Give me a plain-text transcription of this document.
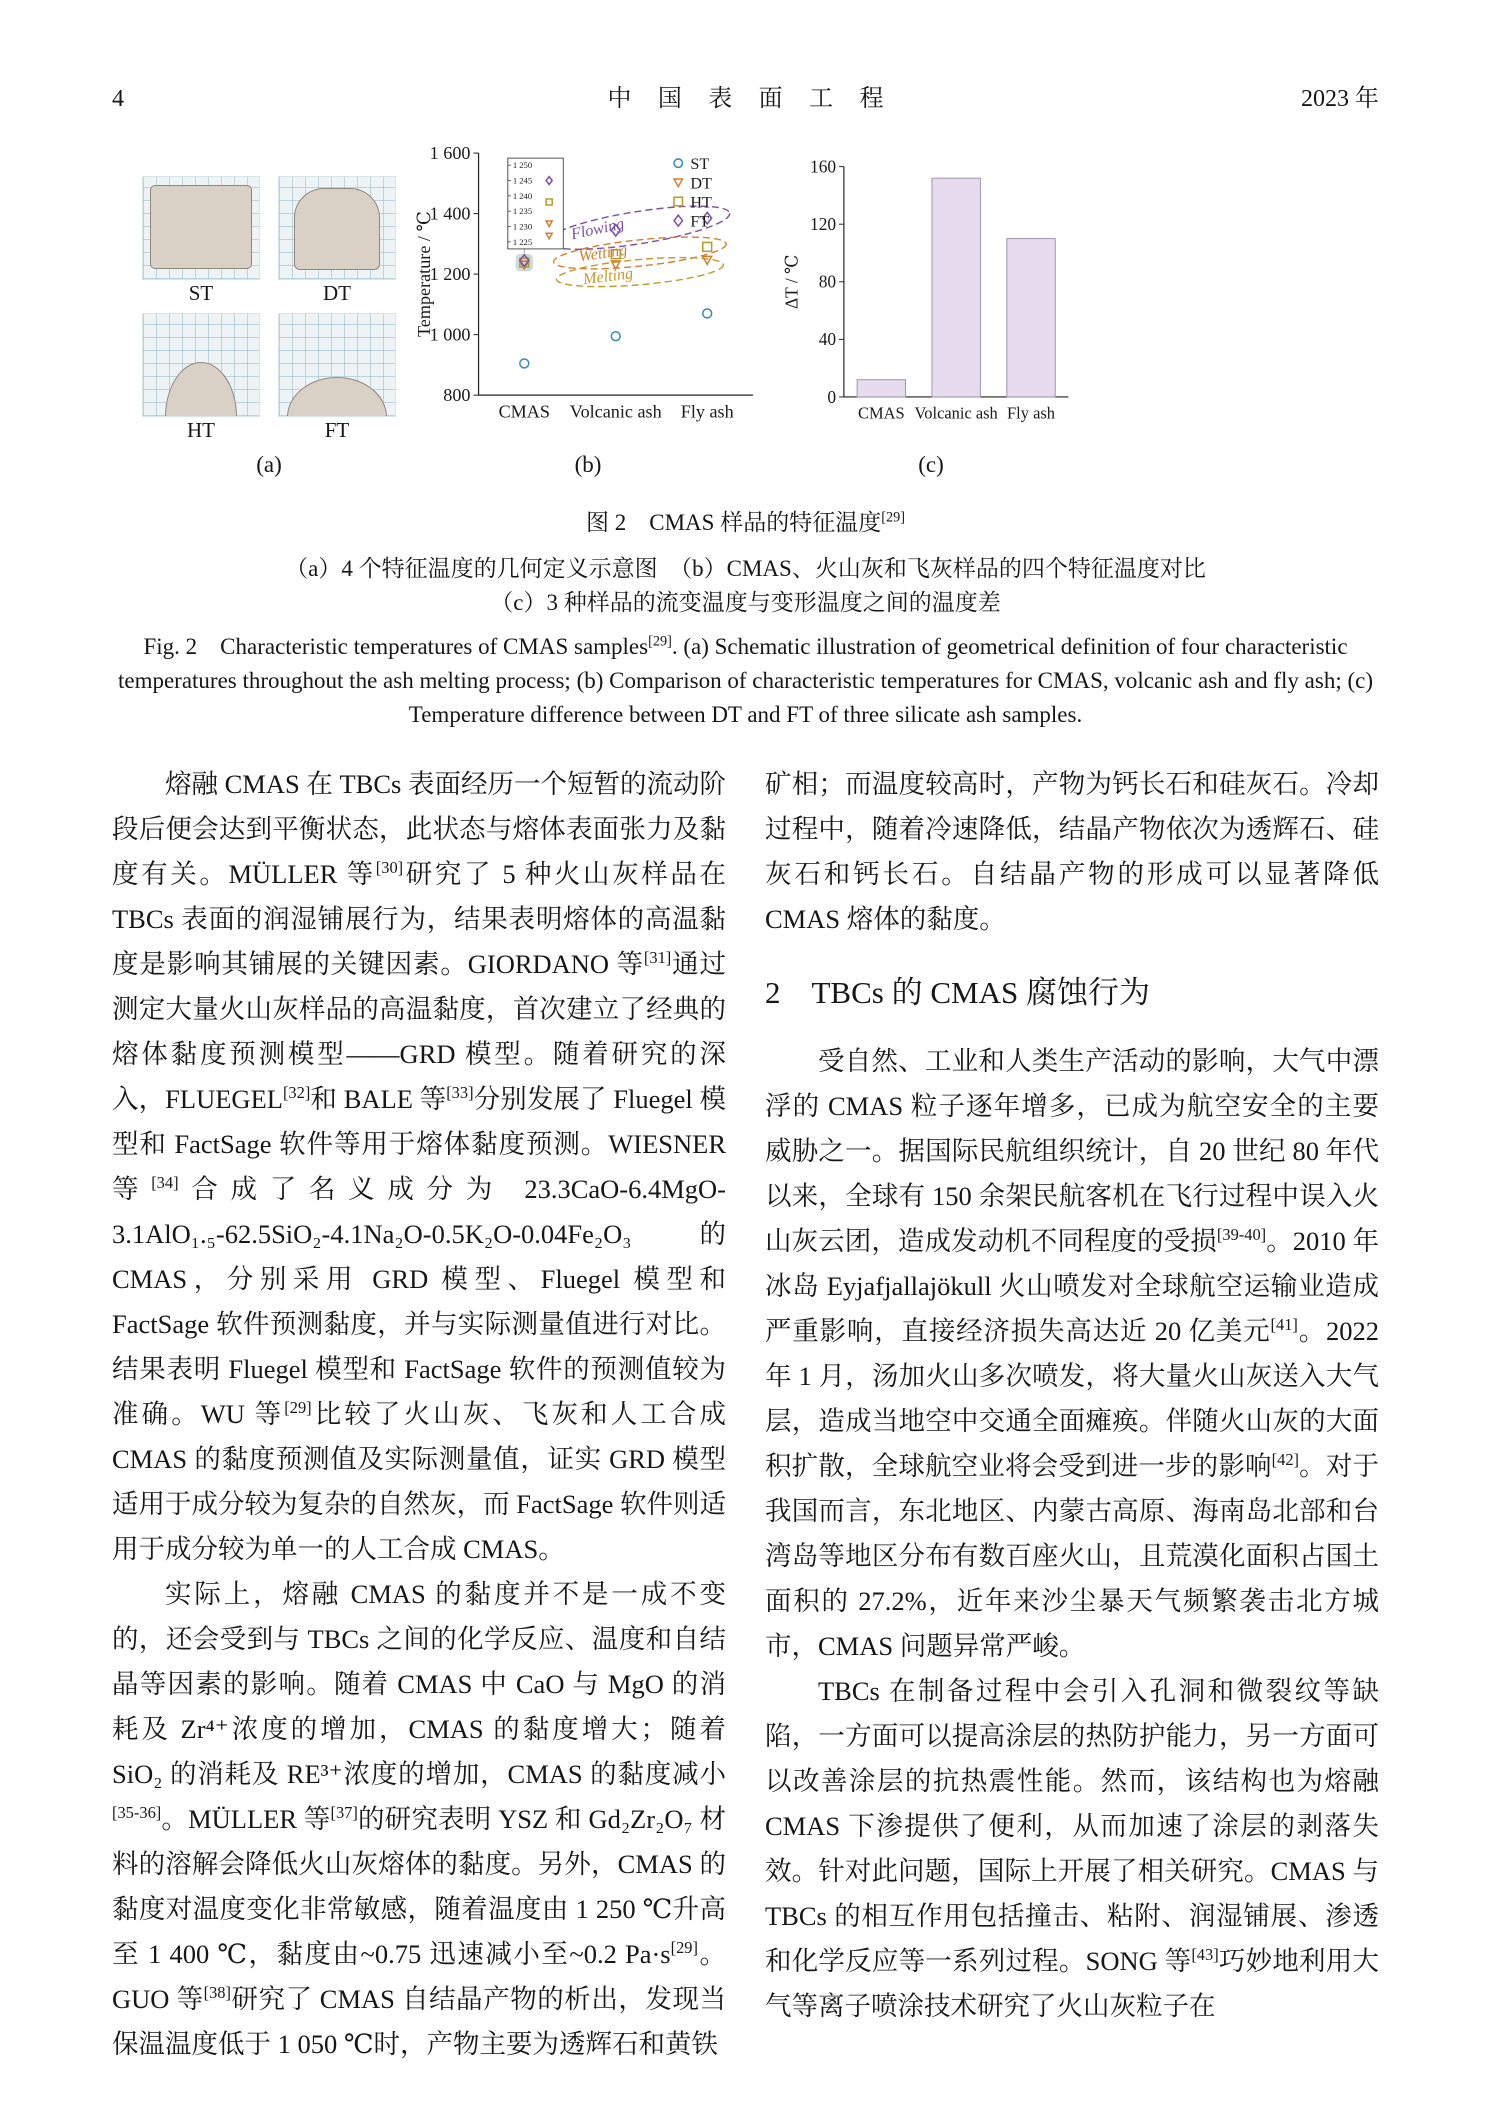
4	中国表面工程	2023 年
ST	DT
HT	FT
(a)
800
1 000
1 200
1 400
1 600
CMAS Volcanic ash Fly ash
Temperature / ℃	Flowing
Wetting
Melting
ST
DT
HT
FT
1 250
1 245
1 240
1 235
1 230
1 225
(b)
0
40
80
120
160
ΔT / ℃
CMAS Volcanic ash Fly ash
(c)
图 2　CMAS 样品的特征温度[29]
（a）4 个特征温度的几何定义示意图　（b）CMAS、火山灰和飞灰样品的四个特征温度对比
（c）3 种样品的流变温度与变形温度之间的温度差
Fig. 2　Characteristic temperatures of CMAS samples[29]. (a) Schematic illustration of geometrical definition of four characteristic temperatures throughout the ash melting process; (b) Comparison of characteristic temperatures for CMAS, volcanic ash and fly ash; (c) Temperature difference between DT and FT of three silicate ash samples.

熔融 CMAS 在 TBCs 表面经历一个短暂的流动阶段后便会达到平衡状态，此状态与熔体表面张力及黏度有关。MÜLLER 等[30]研究了 5 种火山灰样品在 TBCs 表面的润湿铺展行为，结果表明熔体的高温黏度是影响其铺展的关键因素。GIORDANO 等[31]通过测定大量火山灰样品的高温黏度，首次建立了经典的熔体黏度预测模型——GRD 模型。随着研究的深入，FLUEGEL[32]和 BALE 等[33]分别发展了 Fluegel 模型和 FactSage 软件等用于熔体黏度预测。WIESNER 等[34]合成了名义成分为 23.3CaO-6.4MgO-3.1AlO₁.₅-62.5SiO₂-4.1Na₂O-0.5K₂O-0.04Fe₂O₃ 的 CMAS，分别采用 GRD 模型、Fluegel 模型和 FactSage 软件预测黏度，并与实际测量值进行对比。结果表明 Fluegel 模型和 FactSage 软件的预测值较为准确。WU 等[29]比较了火山灰、飞灰和人工合成 CMAS 的黏度预测值及实际测量值，证实 GRD 模型适用于成分较为复杂的自然灰，而 FactSage 软件则适用于成分较为单一的人工合成 CMAS。

实际上，熔融 CMAS 的黏度并不是一成不变的，还会受到与 TBCs 之间的化学反应、温度和自结晶等因素的影响。随着 CMAS 中 CaO 与 MgO 的消耗及 Zr⁴⁺浓度的增加，CMAS 的黏度增大；随着 SiO₂ 的消耗及 RE³⁺浓度的增加，CMAS 的黏度减小[35-36]。MÜLLER 等[37]的研究表明 YSZ 和 Gd₂Zr₂O₇ 材料的溶解会降低火山灰熔体的黏度。另外，CMAS 的黏度对温度变化非常敏感，随着温度由 1 250 ℃升高至 1 400 ℃，黏度由~0.75 迅速减小至~0.2 Pa·s[29]。GUO 等[38]研究了 CMAS 自结晶产物的析出，发现当保温温度低于 1 050 ℃时，产物主要为透辉石和黄铁

矿相；而温度较高时，产物为钙长石和硅灰石。冷却过程中，随着冷速降低，结晶产物依次为透辉石、硅灰石和钙长石。自结晶产物的形成可以显著降低 CMAS 熔体的黏度。

2　TBCs 的 CMAS 腐蚀行为

受自然、工业和人类生产活动的影响，大气中漂浮的 CMAS 粒子逐年增多，已成为航空安全的主要威胁之一。据国际民航组织统计，自 20 世纪 80 年代以来，全球有 150 余架民航客机在飞行过程中误入火山灰云团，造成发动机不同程度的受损[39-40]。2010 年冰岛 Eyjafjallajökull 火山喷发对全球航空运输业造成严重影响，直接经济损失高达近 20 亿美元[41]。2022 年 1 月，汤加火山多次喷发，将大量火山灰送入大气层，造成当地空中交通全面瘫痪。伴随火山灰的大面积扩散，全球航空业将会受到进一步的影响[42]。对于我国而言，东北地区、内蒙古高原、海南岛北部和台湾岛等地区分布有数百座火山，且荒漠化面积占国土面积的 27.2%，近年来沙尘暴天气频繁袭击北方城市，CMAS 问题异常严峻。

TBCs 在制备过程中会引入孔洞和微裂纹等缺陷，一方面可以提高涂层的热防护能力，另一方面可以改善涂层的抗热震性能。然而，该结构也为熔融 CMAS 下渗提供了便利，从而加速了涂层的剥落失效。针对此问题，国际上开展了相关研究。CMAS 与 TBCs 的相互作用包括撞击、粘附、润湿铺展、渗透和化学反应等一系列过程。SONG 等[43]巧妙地利用大气等离子喷涂技术研究了火山灰粒子在
